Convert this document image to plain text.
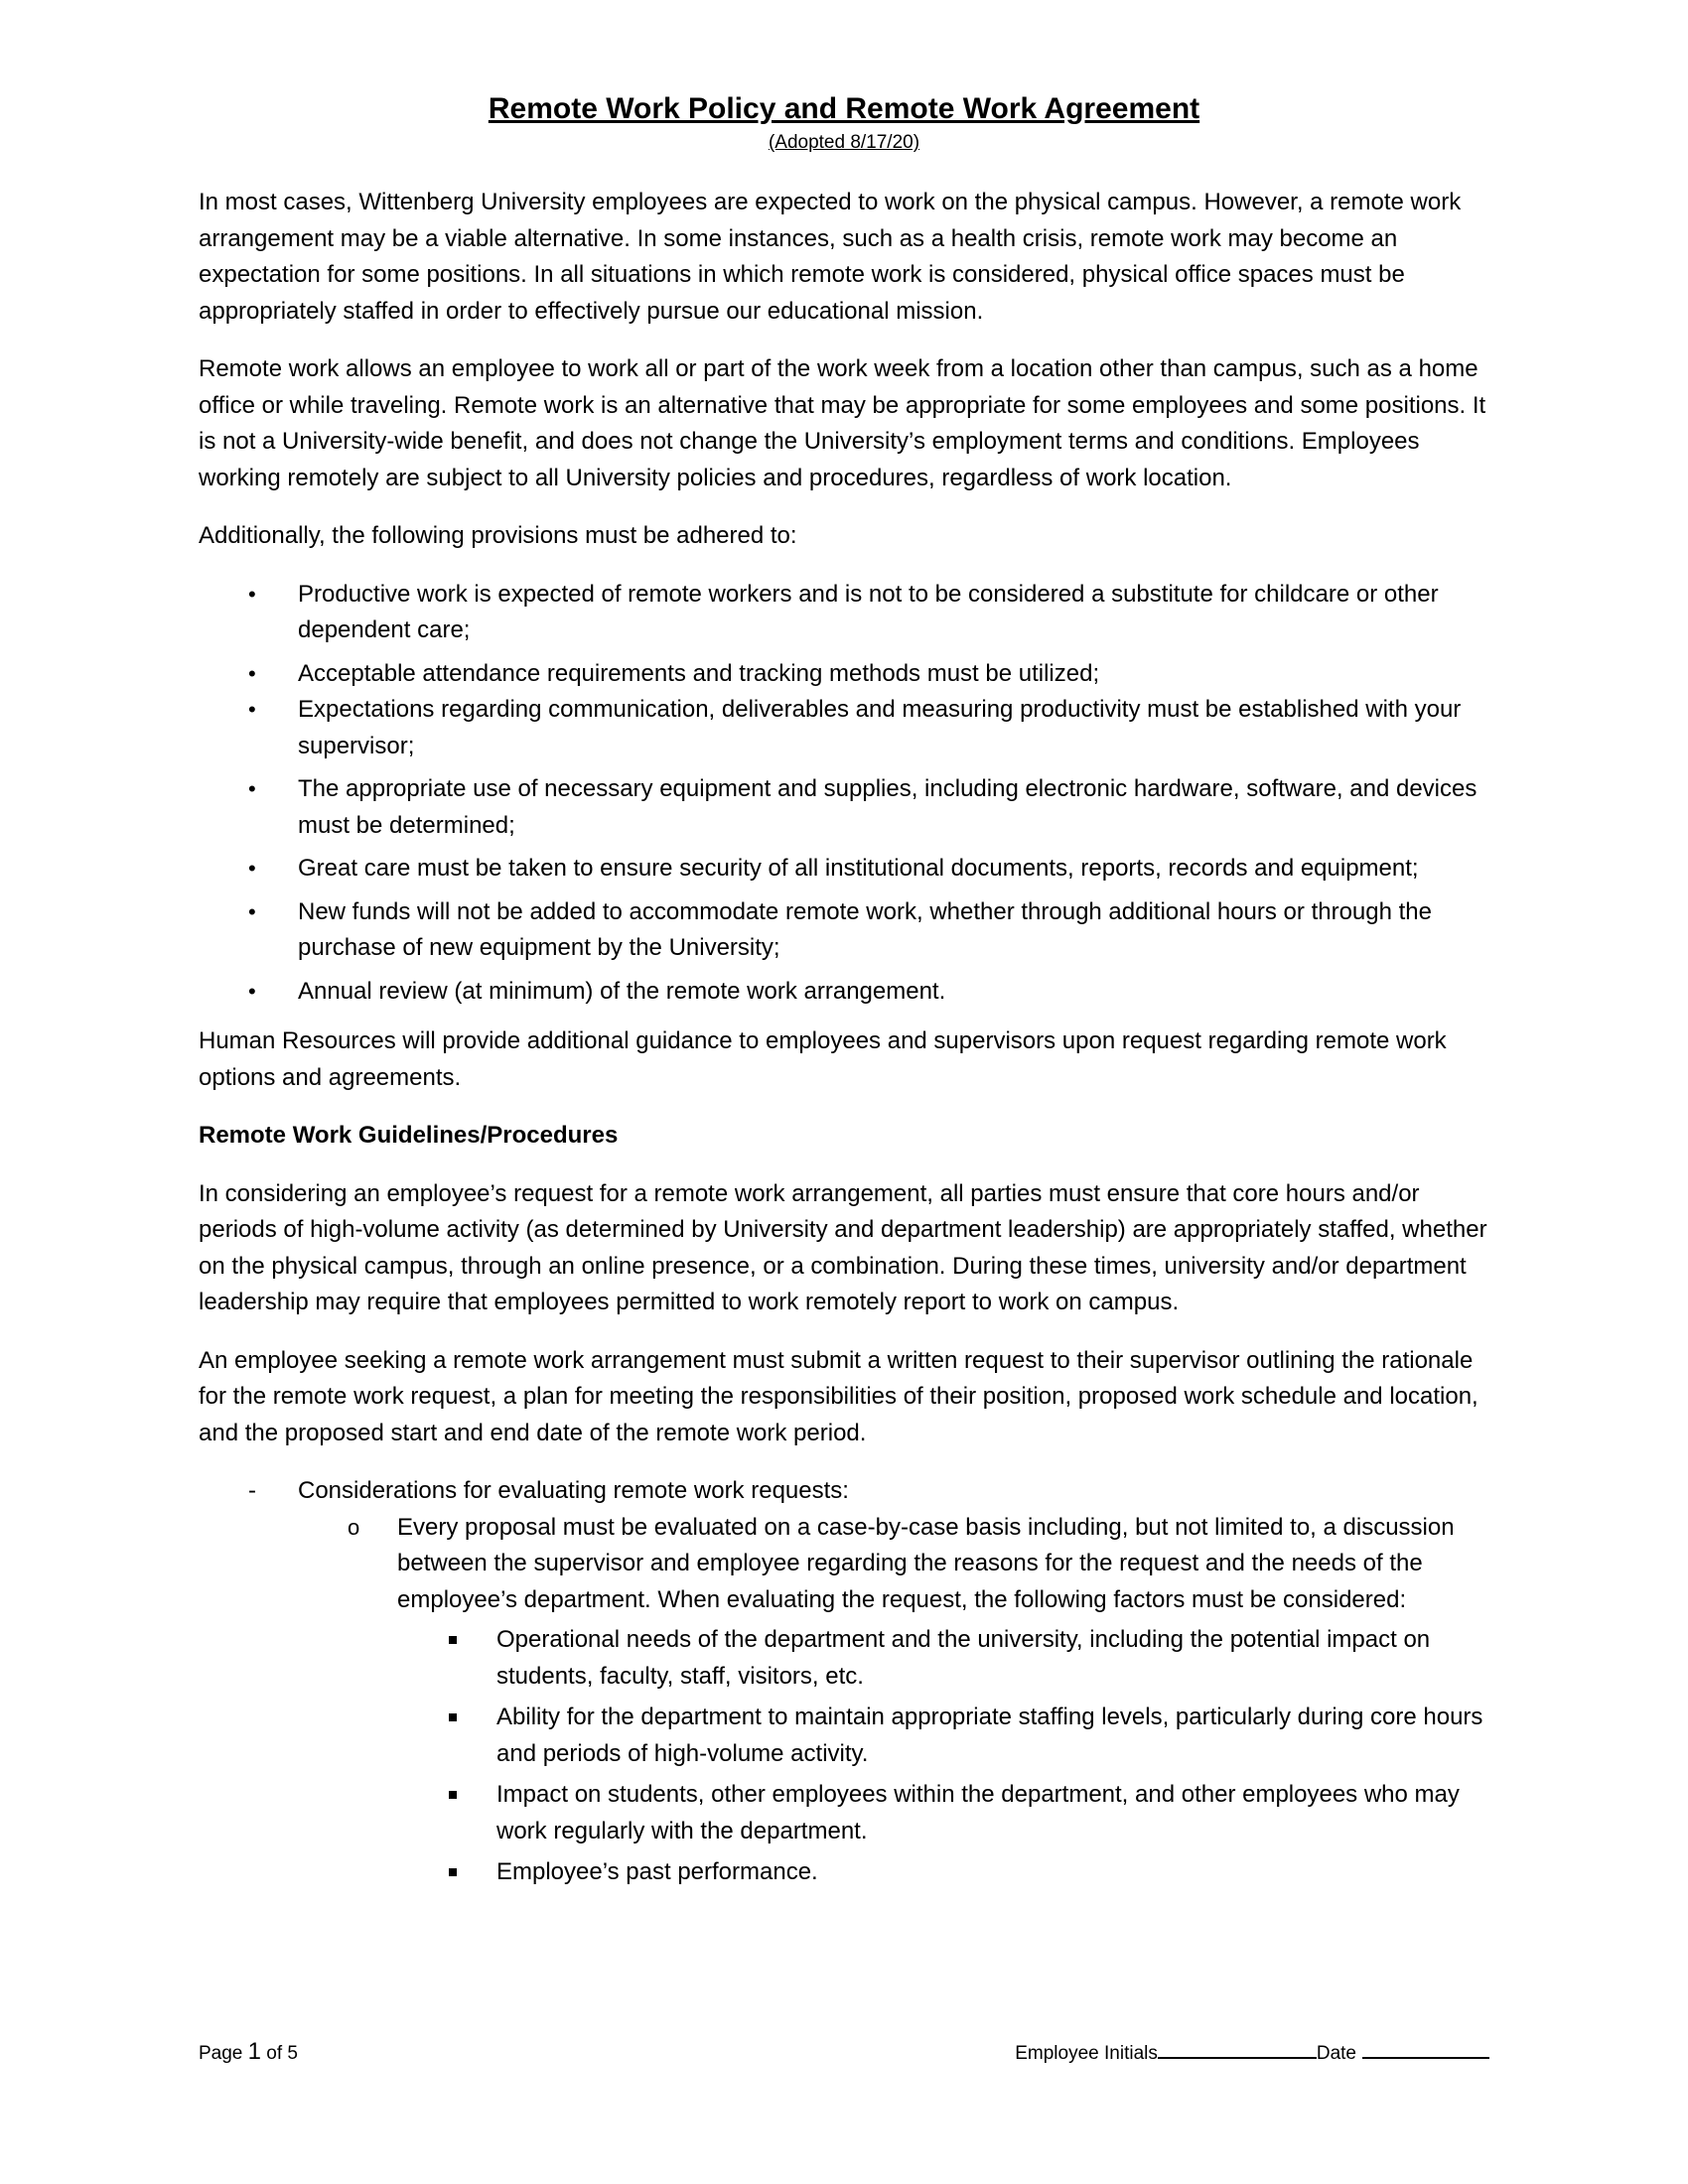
Remote Work Policy and Remote Work Agreement
(Adopted 8/17/20)

In most cases, Wittenberg University employees are expected to work on the physical campus. However, a remote work arrangement may be a viable alternative. In some instances, such as a health crisis, remote work may become an expectation for some positions. In all situations in which remote work is considered, physical office spaces must be appropriately staffed in order to effectively pursue our educational mission.

Remote work allows an employee to work all or part of the work week from a location other than campus, such as a home office or while traveling. Remote work is an alternative that may be appropriate for some employees and some positions. It is not a University-wide benefit, and does not change the University’s employment terms and conditions. Employees working remotely are subject to all University policies and procedures, regardless of work location.

Additionally, the following provisions must be adhered to:

•	Productive work is expected of remote workers and is not to be considered a substitute for childcare or other dependent care;
•	Acceptable attendance requirements and tracking methods must be utilized;
•	Expectations regarding communication, deliverables and measuring productivity must be established with your supervisor;
•	The appropriate use of necessary equipment and supplies, including electronic hardware, software, and devices must be determined;
•	Great care must be taken to ensure security of all institutional documents, reports, records and equipment;
•	New funds will not be added to accommodate remote work, whether through additional hours or through the purchase of new equipment by the University;
•	Annual review (at minimum) of the remote work arrangement.

Human Resources will provide additional guidance to employees and supervisors upon request regarding remote work options and agreements.

Remote Work Guidelines/Procedures

In considering an employee’s request for a remote work arrangement, all parties must ensure that core hours and/or periods of high-volume activity (as determined by University and department leadership) are appropriately staffed, whether on the physical campus, through an online presence, or a combination. During these times, university and/or department leadership may require that employees permitted to work remotely report to work on campus.

An employee seeking a remote work arrangement must submit a written request to their supervisor outlining the rationale for the remote work request, a plan for meeting the responsibilities of their position, proposed work schedule and location, and the proposed start and end date of the remote work period.

- Considerations for evaluating remote work requests:
o Every proposal must be evaluated on a case-by-case basis including, but not limited to, a discussion between the supervisor and employee regarding the reasons for the request and the needs of the employee’s department. When evaluating the request, the following factors must be considered:
Operational needs of the department and the university, including the potential impact on students, faculty, staff, visitors, etc.
Ability for the department to maintain appropriate staffing levels, particularly during core hours and periods of high-volume activity.
Impact on students, other employees within the department, and other employees who may work regularly with the department.
Employee’s past performance.
Page 1 of 5	Employee Initials	Date
